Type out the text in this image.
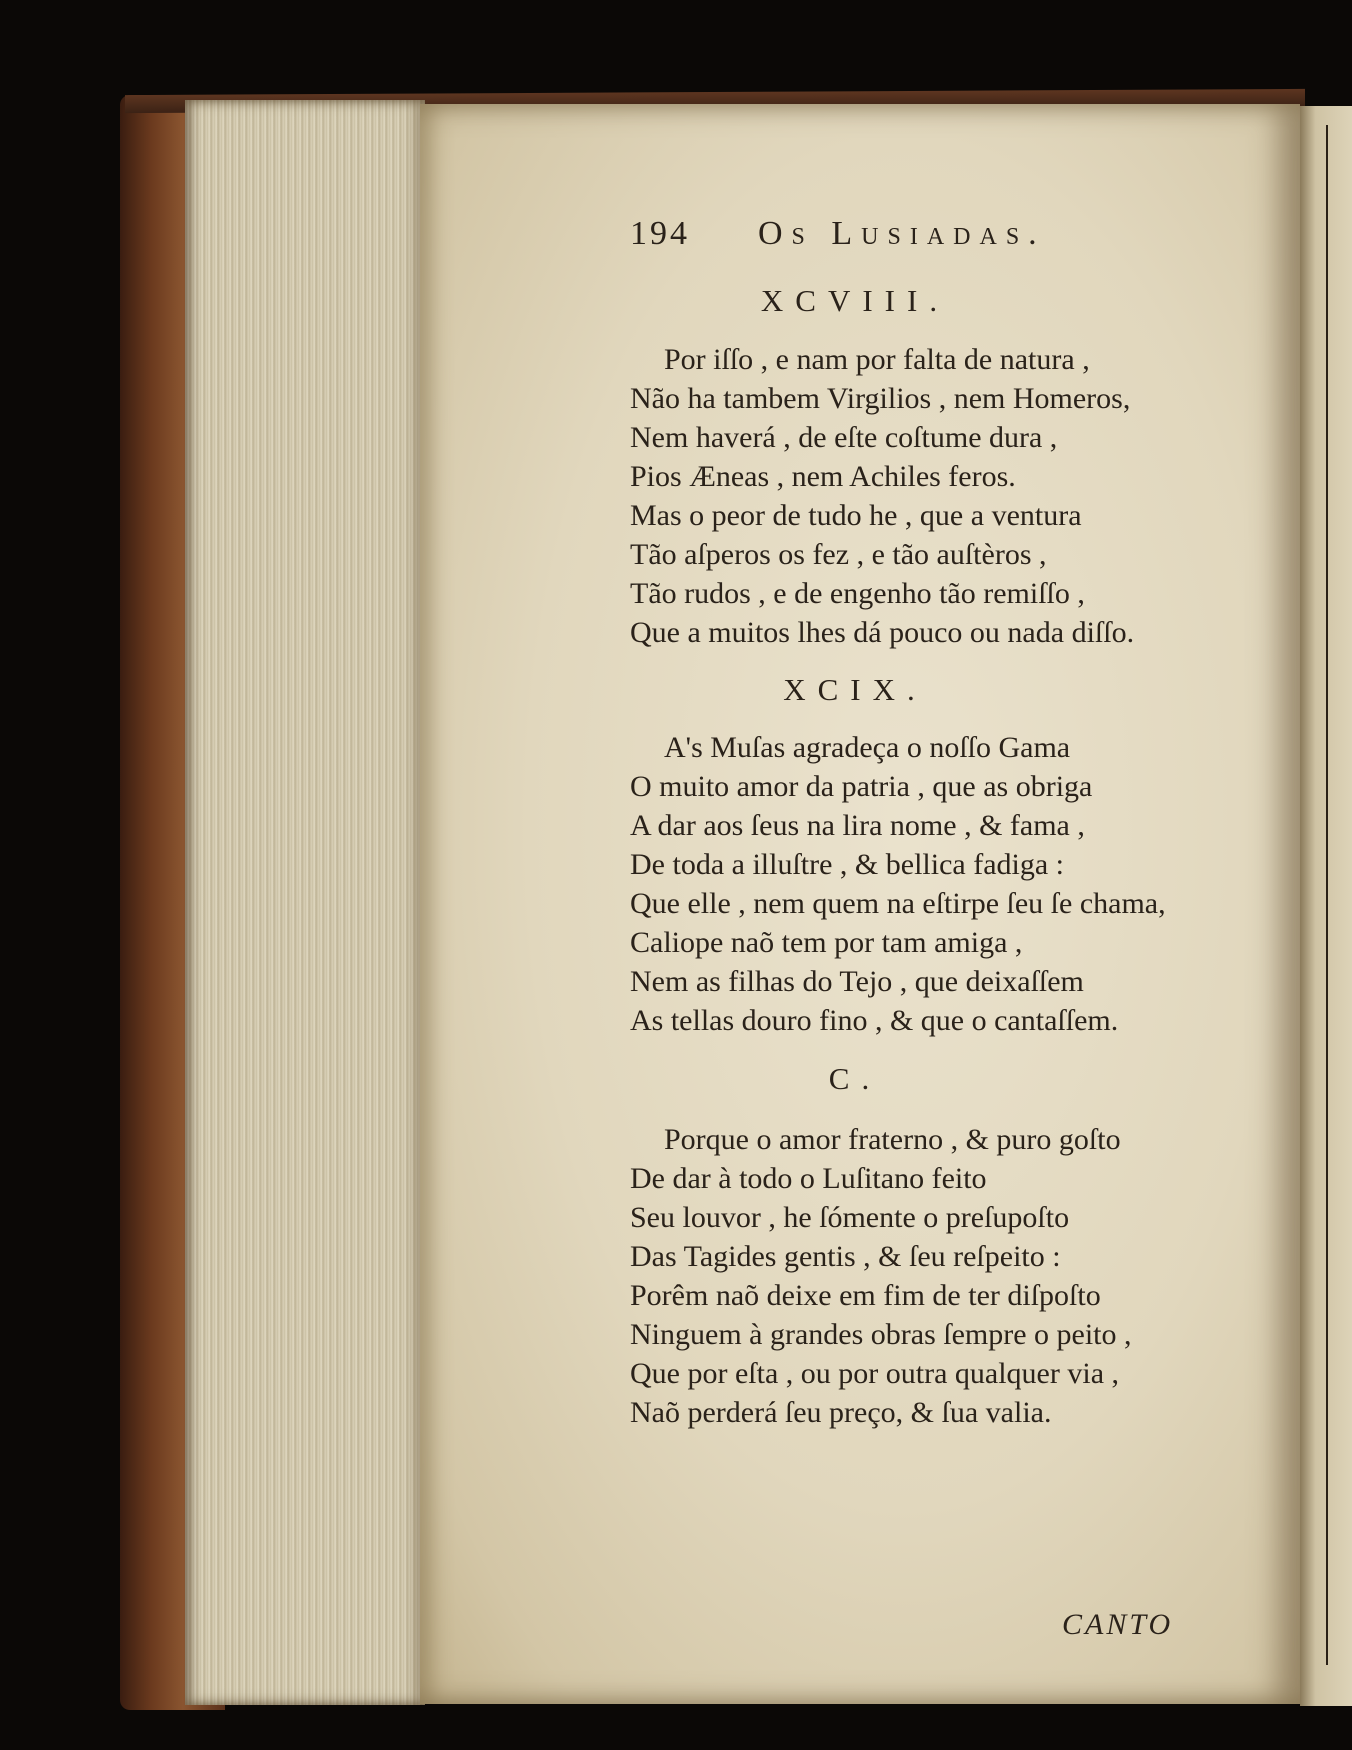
194 Os Lusiadas.
XCVIII.
Por iſſo , e nam por falta de natura ,
Não ha tambem Virgilios , nem Homeros,
Nem haverá , de eſte coſtume dura ,
Pios Æneas , nem Achiles feros.
Mas o peor de tudo he , que a ventura
Tão aſperos os fez , e tão auſtèros ,
Tão rudos , e de engenho tão remiſſo ,
Que a muitos lhes dá pouco ou nada diſſo.
XCIX.
A's Muſas agradeça o noſſo Gama
O muito amor da patria , que as obriga
A dar aos ſeus na lira nome , & fama ,
De toda a illuſtre , & bellica fadiga :
Que elle , nem quem na eſtirpe ſeu ſe chama,
Caliope naõ tem por tam amiga ,
Nem as filhas do Tejo , que deixaſſem
As tellas douro fino , & que o cantaſſem.
C.
Porque o amor fraterno , & puro goſto
De dar à todo o Luſitano feito
Seu louvor , he ſómente o preſupoſto
Das Tagides gentis , & ſeu reſpeito :
Porêm naõ deixe em fim de ter diſpoſto
Ninguem à grandes obras ſempre o peito ,
Que por eſta , ou por outra qualquer via ,
Naõ perderá ſeu preço, & ſua valia.
CANTO
